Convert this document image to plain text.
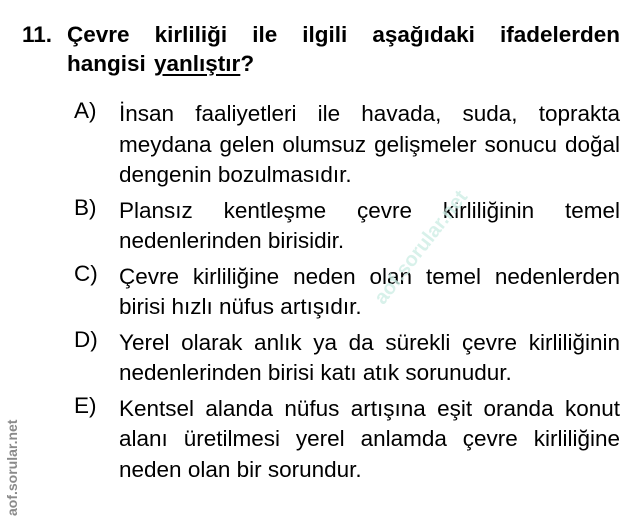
11. Çevre kirliliği ile ilgili aşağıdaki ifadelerden hangisi yanlıştır?
A) İnsan faaliyetleri ile havada, suda, toprakta meydana gelen olumsuz gelişmeler sonucu doğal dengenin bozulmasıdır.
B) Plansız kentleşme çevre kirliliğinin temel nedenlerinden birisidir.
C) Çevre kirliliğine neden olan temel nedenlerden birisi hızlı nüfus artışıdır.
D) Yerel olarak anlık ya da sürekli çevre kirliliğinin nedenlerinden birisi katı atık sorunudur.
E) Kentsel alanda nüfus artışına eşit oranda konut alanı üretilmesi yerel anlamda çevre kirliliğine neden olan bir sorundur.
aof.sorular.net
aof.sorular.net
